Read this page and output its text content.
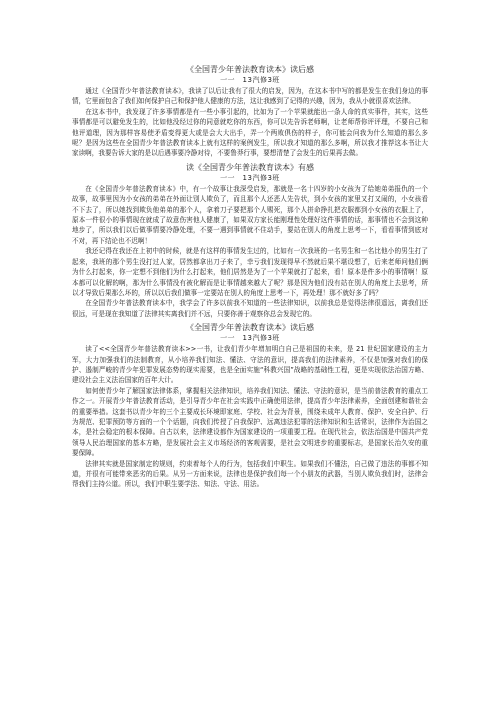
《全国青少年普法教育读本》读后感
一一　13汽修3班

通过《全国青少年普法教育读本》，我读了以后让我有了很大的启发，因为，在这本书中写的都是发生在我们身边的事情，它里面包含了我们如何保护自己和保护他人健康的方法，这让我感到了记得的兴趣，因为，我从小就很喜欢法律。

在这本书中，我发现了许多事情都是有一些小事引起的，比如为了一个苹果就能出一条人命的真实事件，其实，这些事情都是可以避免发生的，比如他没经过你的同意就吃你的东西，你可以先告诉老师啊，让老师帮你评评理，不要自己和他评道理，因为那样容易使矛盾变得更大或是会大大出手，弄一个两败俱伤的样子，你可能会问我为什么知道的那么多呢？是因为这些在全国青少年普法教育读本上就有这样的案例发生，所以我才知道的那么多啊，所以我才推荐这本书让大家读啊，我要告诉大家的是以后遇事要冷静对待，不要鲁莽行事，要想清楚了会发生的后果再去做。

读《全国青少年普法教育读本》有感
一一　13汽修3班

在《全国青少年普法教育读本》中，有一个故事让我深受启发，那就是一名十四岁的小女孩为了给她弟弟报仇的一个故事，故事里因为小女孩的弟弟在外面让别人欺负了，而且那个人还恶人先告状，到小女孩的家里又打又闹的，小女孩看不下去了，所以她找到欺负他弟弟的那个人，拿着刀子要把那个人赐死，那个人拼命挣扎把衣服都到小女孩的衣服上了，原本一件很小的事情现在就成了故意伤害他人健康了，如果双方家长能刚理性处理好这件事情的话，那事情也不会到这种地步了，所以我们以后做事情要冷静处理，不要一遇到事情就不住动手，要站在别人的角度上思考一下，看看事情到底对不对，再下结论也不迟啊！

我还记得在我还在上初中的时候，就是有这样的事情发生过的，比如有一次我班的一名男生和一名比他小的男生打了起来，我班的那个男生没打过人家，居然都拿出刀子来了，幸亏我们发现得早不然就后果不堪设想了，后来老师问他们俩为什么打起来，你一定想不到他们为什么打起来，他们居然是为了一个苹果就打了起来，看！原本是件多小的事情啊！原本都可以化解的啊，那为什么事情没有被化解而是让事情越来越大了呢？那是因为他们没有站在别人的角度上去思考，所以才导致后果那么坏的，所以以后我们做事一定要站在别人的角度上思考一下，再处理！那不就好多了吗？

在全国青少年普法教育读本中，我学会了许多以前我不知道的一些法律知识，以前我总是觉得法律很遥远，离我们还很远，可是现在我知道了法律其实离我们并不远，只要你善于观察你总会发现它的。

《全国青少年普法教育读本》读后感
一一　13汽修3班

读了<<全国青少年普法教育读本>>一书，让我们青少年增加明白自己是祖国的未来，是 21 世纪国家建设的主力军，大力加强我们的法制教育，从小培养我们知法、懂法、守法的意识，提高我们的法律素养，不仅是加强对我们的保护、遏制严峻的青少年犯罪发展态势的现实需要，也是全面实施“科教兴国”战略的基础性工程，更是实现依法治国方略、建设社会主义法治国家的百年大计。

如何使青少年了解国家法律体系，掌握相关法律知识，培养我们知法、懂法、守法的意识，是当前普法教育的重点工作之一。开展青少年普法教育活动，是引导青少年在社会实践中正确使用法律，提高青少年法律素养，全面创建和谐社会的重要举措。这套书以青少年的三个主要成长环境即家庭、学校、社会为背景，围绕未成年人教育、保护、安全自护、行为规范、犯罪预防等方面的一个个话题，向我们传授了自我保护、远离违法犯罪的法律知识和生活常识，法律作为治国之本，是社会稳定的根本保障。自古以来，法律建设都作为国家建设的一项重要工程。在现代社会，依法治国是中国共产党领导人民治理国家的基本方略，是发展社会主义市场经济的客观需要，是社会文明进步的重要标志，是国家长治久安的重要保障。

法律其实就是国家制定的规则，约束着每个人的行为，包括我们中职生。如果我们不懂法，自己做了违法的事都不知道，并很有可能带来恶劣的后果。从另一方面来说，法律也是保护我们每一个小朋友的武器，当别人欺负我们时，法律会帮我们主持公道。所以，我们中职生要学法、知法、守法、用法。
